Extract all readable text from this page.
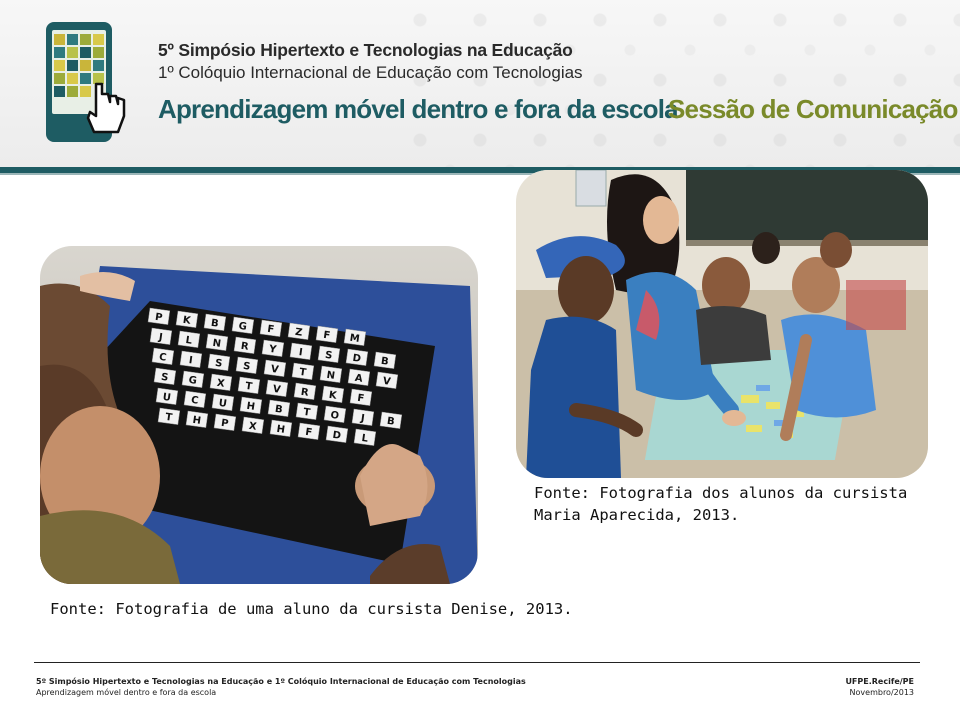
5º Simpósio Hipertexto e Tecnologias na Educação
1º Colóquio Internacional de Educação com Tecnologias
Aprendizagem móvel dentro e fora da escola
Sessão de Comunicação
P K B G F Z F M
J L N R Y I S D B
C I S S V T N A V
S G X T V R K F
U C U H B T O J B
T H P X H F D L
Fonte: Fotografia de uma aluno da cursista Denise, 2013.
Fonte: Fotografia dos alunos da cursista Maria Aparecida, 2013.
5º Simpósio Hipertexto e Tecnologias na Educação e 1º Colóquio Internacional de Educação com Tecnologias
Aprendizagem móvel dentro e fora da escola
UFPE.Recife/PE
Novembro/2013
